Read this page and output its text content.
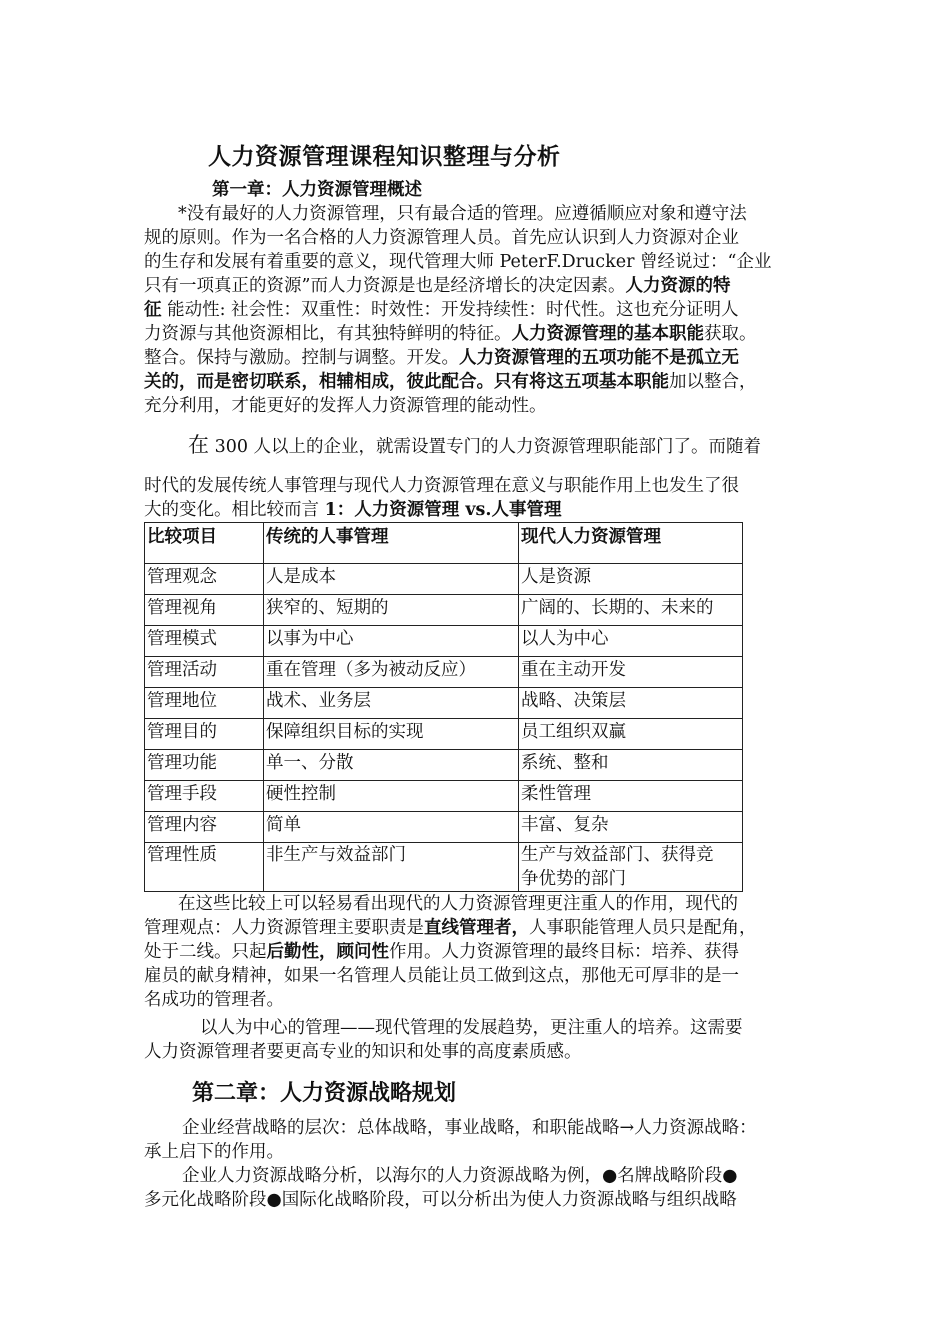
人力资源管理课程知识整理与分析
第一章：人力资源管理概述
*没有最好的人力资源管理，只有最合适的管理。应遵循顺应对象和遵守法
规的原则。作为一名合格的人力资源管理人员。首先应认识到人力资源对企业
的生存和发展有着重要的意义，现代管理大师 PeterF.Drucker 曾经说过：“企业
只有一项真正的资源”而人力资源是也是经济增长的决定因素。人力资源的特
征 能动性: 社会性：双重性：时效性：开发持续性：时代性。这也充分证明人
力资源与其他资源相比，有其独特鲜明的特征。人力资源管理的基本职能获取。
整合。保持与激励。控制与调整。开发。人力资源管理的五项功能不是孤立无
关的，而是密切联系，相辅相成，彼此配合。只有将这五项基本职能加以整合，
充分利用，才能更好的发挥人力资源管理的能动性。
在 300 人以上的企业，就需设置专门的人力资源管理职能部门了。而随着
时代的发展传统人事管理与现代人力资源管理在意义与职能作用上也发生了很
大的变化。相比较而言 1：人力资源管理 vs.人事管理
比较项目	传统的人事管理	现代人力资源管理
管理观念	人是成本	人是资源
管理视角	狭窄的、短期的	广阔的、长期的、未来的
管理模式	以事为中心	以人为中心
管理活动	重在管理（多为被动反应）	重在主动开发
管理地位	战术、业务层	战略、决策层
管理目的	保障组织目标的实现	员工组织双赢
管理功能	单一、分散	系统、整和
管理手段	硬性控制	柔性管理
管理内容	简单	丰富、复杂
管理性质	非生产与效益部门	生产与效益部门、获得竞
争优势的部门
在这些比较上可以轻易看出现代的人力资源管理更注重人的作用，现代的
管理观点：人力资源管理主要职责是直线管理者，人事职能管理人员只是配角，
处于二线。只起后勤性，顾问性作用。人力资源管理的最终目标：培养、获得
雇员的献身精神，如果一名管理人员能让员工做到这点，那他无可厚非的是一
名成功的管理者。
以人为中心的管理——现代管理的发展趋势，更注重人的培养。这需要
人力资源管理者要更高专业的知识和处事的高度素质感。
第二章：人力资源战略规划
企业经营战略的层次：总体战略，事业战略，和职能战略→人力资源战略：
承上启下的作用。
企业人力资源战略分析，以海尔的人力资源战略为例，●名牌战略阶段●
多元化战略阶段●国际化战略阶段，可以分析出为使人力资源战略与组织战略
